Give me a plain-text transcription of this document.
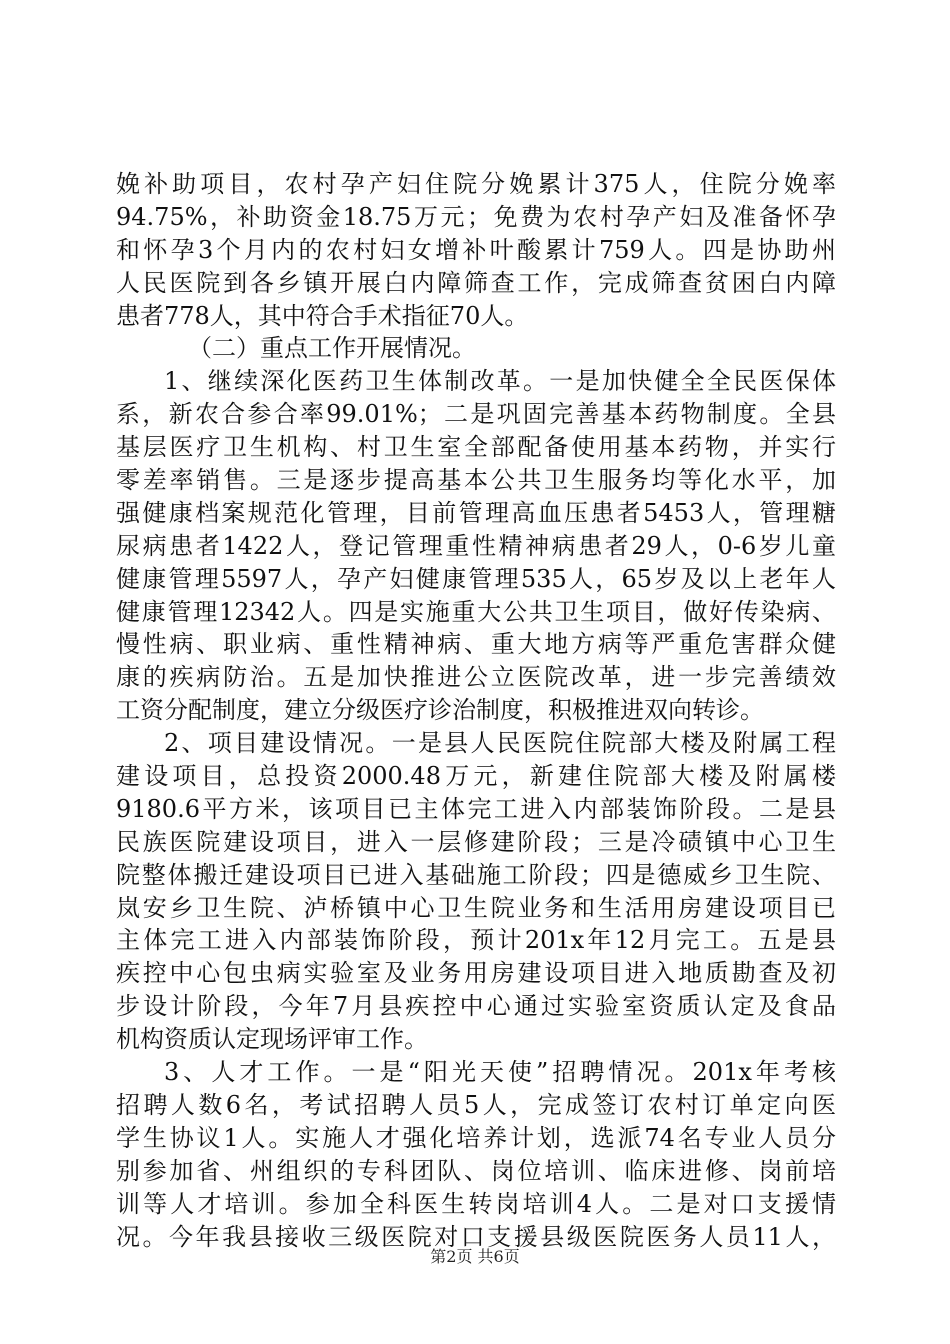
娩补助项目，农村孕产妇住院分娩累计375人，住院分娩率
94.75%，补助资金18.75万元；免费为农村孕产妇及准备怀孕
和怀孕3个月内的农村妇女增补叶酸累计759人。四是协助州
人民医院到各乡镇开展白内障筛查工作，完成筛查贫困白内障
患者778人，其中符合手术指征70人。
（二）重点工作开展情况。
1、继续深化医药卫生体制改革。一是加快健全全民医保体
系，新农合参合率99.01%；二是巩固完善基本药物制度。全县
基层医疗卫生机构、村卫生室全部配备使用基本药物，并实行
零差率销售。三是逐步提高基本公共卫生服务均等化水平，加
强健康档案规范化管理，目前管理高血压患者5453人，管理糖
尿病患者1422人，登记管理重性精神病患者29人，0-6岁儿童
健康管理5597人，孕产妇健康管理535人，65岁及以上老年人
健康管理12342人。四是实施重大公共卫生项目，做好传染病、
慢性病、职业病、重性精神病、重大地方病等严重危害群众健
康的疾病防治。五是加快推进公立医院改革，进一步完善绩效
工资分配制度，建立分级医疗诊治制度，积极推进双向转诊。
2、项目建设情况。一是县人民医院住院部大楼及附属工程
建设项目，总投资2000.48万元，新建住院部大楼及附属楼
9180.6平方米，该项目已主体完工进入内部装饰阶段。二是县
民族医院建设项目，进入一层修建阶段；三是冷碛镇中心卫生
院整体搬迁建设项目已进入基础施工阶段；四是德威乡卫生院、
岚安乡卫生院、泸桥镇中心卫生院业务和生活用房建设项目已
主体完工进入内部装饰阶段，预计201x年12月完工。五是县
疾控中心包虫病实验室及业务用房建设项目进入地质勘查及初
步设计阶段，今年7月县疾控中心通过实验室资质认定及食品
机构资质认定现场评审工作。
3、人才工作。一是“阳光天使”招聘情况。201x年考核
招聘人数6名，考试招聘人员5人，完成签订农村订单定向医
学生协议1人。实施人才强化培养计划，选派74名专业人员分
别参加省、州组织的专科团队、岗位培训、临床进修、岗前培
训等人才培训。参加全科医生转岗培训4人。二是对口支援情
况。今年我县接收三级医院对口支援县级医院医务人员11人，
第2页 共6页
